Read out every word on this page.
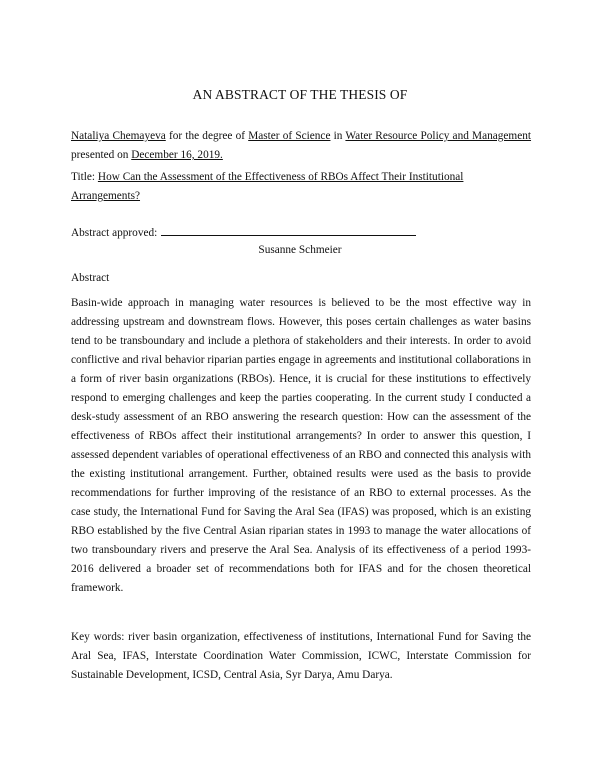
AN ABSTRACT OF THE THESIS OF
Nataliya Chemayeva for the degree of Master of Science in Water Resource Policy and Management presented on December 16, 2019.
Title: How Can the Assessment of the Effectiveness of RBOs Affect Their Institutional Arrangements?
Abstract approved:
Susanne Schmeier
Abstract
Basin-wide approach in managing water resources is believed to be the most effective way in addressing upstream and downstream flows. However, this poses certain challenges as water basins tend to be transboundary and include a plethora of stakeholders and their interests. In order to avoid conflictive and rival behavior riparian parties engage in agreements and institutional collaborations in a form of river basin organizations (RBOs). Hence, it is crucial for these institutions to effectively respond to emerging challenges and keep the parties cooperating. In the current study I conducted a desk-study assessment of an RBO answering the research question: How can the assessment of the effectiveness of RBOs affect their institutional arrangements? In order to answer this question, I assessed dependent variables of operational effectiveness of an RBO and connected this analysis with the existing institutional arrangement. Further, obtained results were used as the basis to provide recommendations for further improving of the resistance of an RBO to external processes. As the case study, the International Fund for Saving the Aral Sea (IFAS) was proposed, which is an existing RBO established by the five Central Asian riparian states in 1993 to manage the water allocations of two transboundary rivers and preserve the Aral Sea. Analysis of its effectiveness of a period 1993-2016 delivered a broader set of recommendations both for IFAS and for the chosen theoretical framework.
Key words: river basin organization, effectiveness of institutions, International Fund for Saving the Aral Sea, IFAS, Interstate Coordination Water Commission, ICWC, Interstate Commission for Sustainable Development, ICSD, Central Asia, Syr Darya, Amu Darya.
